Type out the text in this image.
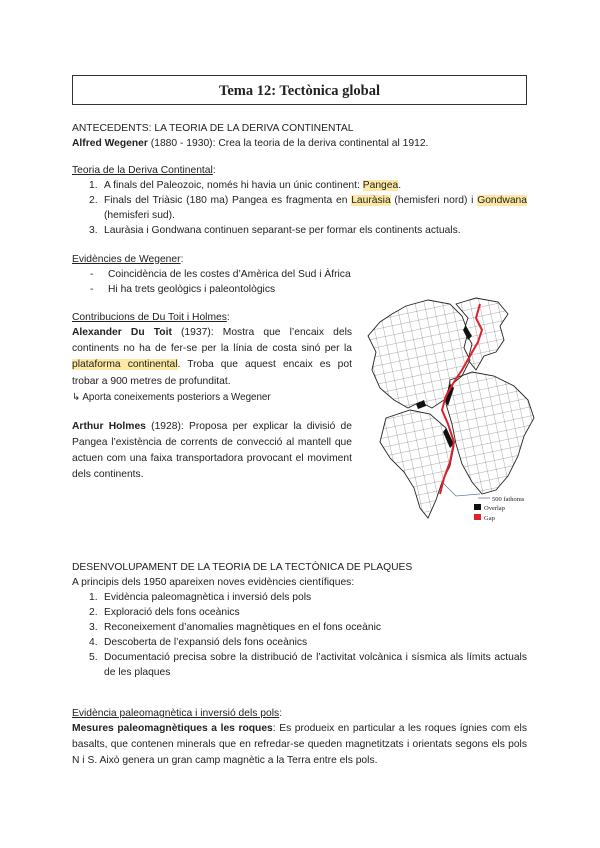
Tema 12: Tectònica global
ANTECEDENTS: LA TEORIA DE LA DERIVA CONTINENTAL
Alfred Wegener (1880 - 1930): Crea la teoria de la deriva continental al 1912.
Teoria de la Deriva Continental:
1. A finals del Paleozoic, només hi havia un únic continent: Pangea.
2. Finals del Triàsic (180 ma) Pangea es fragmenta en Lauràsia (hemisferi nord) i Gondwana (hemisferi sud).
3. Lauràsia i Gondwana continuen separant-se per formar els continents actuals.
Evidències de Wegener:
- Coincidència de les costes d’Amèrica del Sud i Àfrica
- Hi ha trets geològics i paleontològics
Contribucions de Du Toit i Holmes:
Alexander Du Toit (1937): Mostra que l’encaix dels continents no ha de fer-se per la línia de costa sinó per la plataforma continental. Troba que aquest encaix es pot trobar a 900 metres de profunditat.
↳ Aporta coneixements posteriors a Wegener
Arthur Holmes (1928): Proposa per explicar la divisió de Pangea l’existència de corrents de convecció al mantell que actuen com una faixa transportadora provocant el moviment dels continents.
500 fathoms
Overlap
Gap
DESENVOLUPAMENT DE LA TEORIA DE LA TECTÒNICA DE PLAQUES
A principis dels 1950 apareixen noves evidències científiques:
1. Evidència paleomagnètica i inversió dels pols
2. Exploració dels fons oceànics
3. Reconeixement d’anomalies magnètiques en el fons oceànic
4. Descoberta de l’expansió dels fons oceànics
5. Documentació precisa sobre la distribució de l’activitat volcànica i sísmica als límits actuals de les plaques
Evidència paleomagnètica i inversió dels pols:
Mesures paleomagnètiques a les roques: Es produeix en particular a les roques ígnies com els basalts, que contenen minerals que en refredar-se queden magnetitzats i orientats segons els pols N i S. Això genera un gran camp magnètic a la Terra entre els pols.
